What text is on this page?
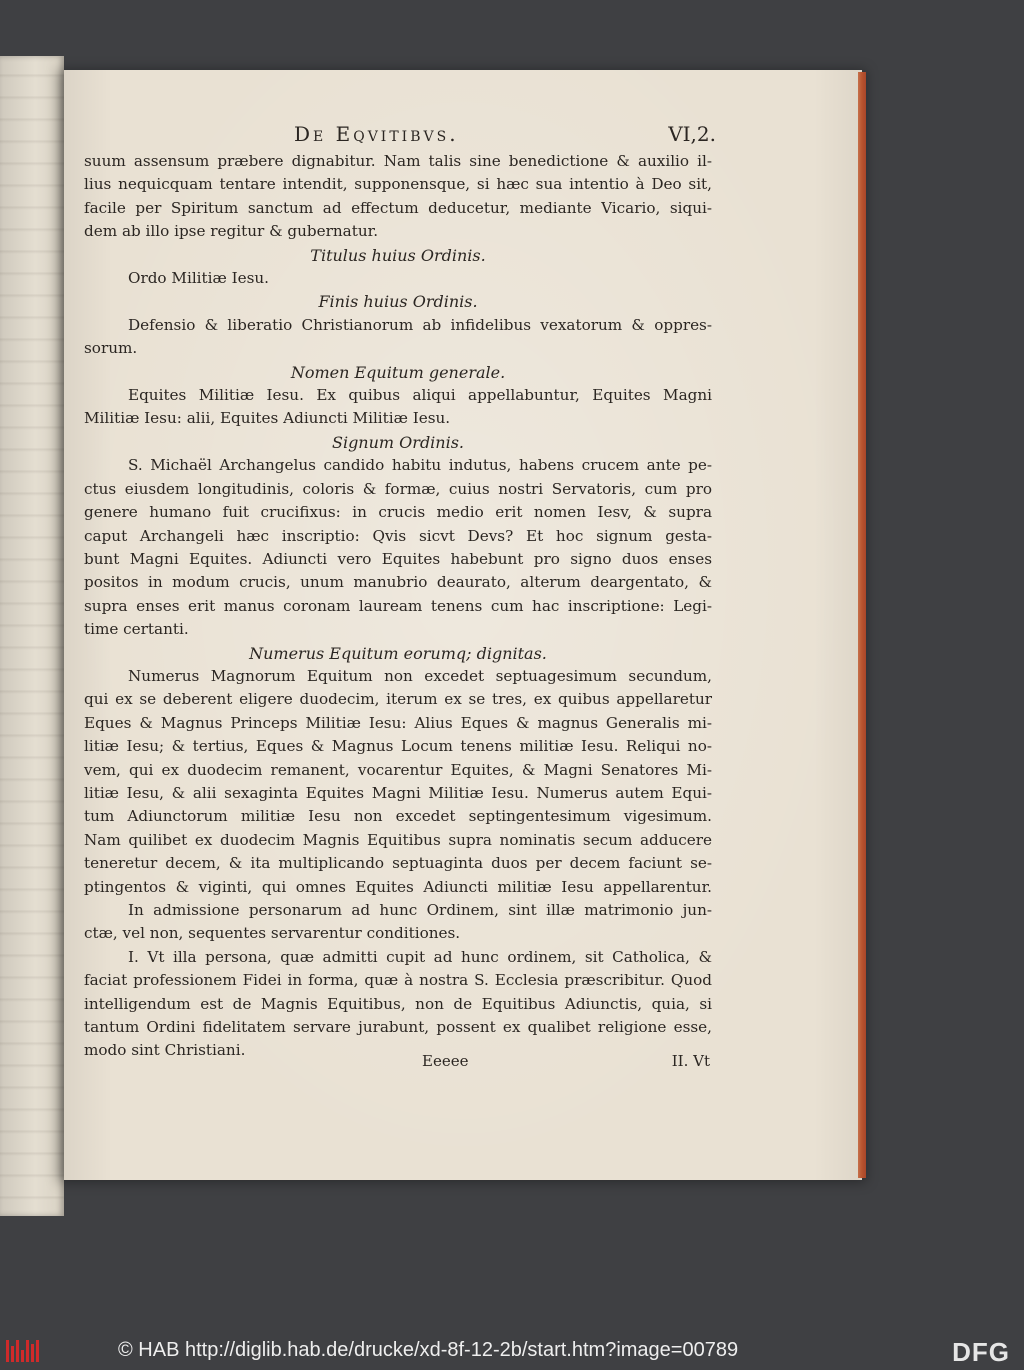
De Eqvitibvs.	VI,2.
suum assensum præbere dignabitur. Nam talis sine benedictione & auxilio il-
lius nequicquam tentare intendit, supponensque, si hæc sua intentio à Deo sit,
facile per Spiritum sanctum ad effectum deducetur, mediante Vicario, siqui-
dem ab illo ipse regitur & gubernatur.
Titulus huius Ordinis.
Ordo Militiæ Iesu.
Finis huius Ordinis.
Defensio & liberatio Christianorum ab infidelibus vexatorum & oppres-
sorum.
Nomen Equitum generale.
Equites Militiæ Iesu. Ex quibus aliqui appellabuntur, Equites Magni
Militiæ Iesu: alii, Equites Adiuncti Militiæ Iesu.
Signum Ordinis.
S. Michaël Archangelus candido habitu indutus, habens crucem ante pe-
ctus eiusdem longitudinis, coloris & formæ, cuius nostri Servatoris, cum pro
genere humano fuit crucifixus: in crucis medio erit nomen Iesv, & supra
caput Archangeli hæc inscriptio: Qvis sicvt Devs? Et hoc signum gesta-
bunt Magni Equites. Adiuncti vero Equites habebunt pro signo duos enses
positos in modum crucis, unum manubrio deaurato, alterum deargentato, &
supra enses erit manus coronam lauream tenens cum hac inscriptione: Legi-
time certanti.
Numerus Equitum eorumq; dignitas.
Numerus Magnorum Equitum non excedet septuagesimum secundum,
qui ex se deberent eligere duodecim, iterum ex se tres, ex quibus appellaretur
Eques & Magnus Princeps Militiæ Iesu: Alius Eques & magnus Generalis mi-
litiæ Iesu; & tertius, Eques & Magnus Locum tenens militiæ Iesu. Reliqui no-
vem, qui ex duodecim remanent, vocarentur Equites, & Magni Senatores Mi-
litiæ Iesu, & alii sexaginta Equites Magni Militiæ Iesu. Numerus autem Equi-
tum Adiunctorum militiæ Iesu non excedet septingentesimum vigesimum.
Nam quilibet ex duodecim Magnis Equitibus supra nominatis secum adducere
teneretur decem, & ita multiplicando septuaginta duos per decem faciunt se-
ptingentos & viginti, qui omnes Equites Adiuncti militiæ Iesu appellarentur.
In admissione personarum ad hunc Ordinem, sint illæ matrimonio jun-
ctæ, vel non, sequentes servarentur conditiones.
I. Vt illa persona, quæ admitti cupit ad hunc ordinem, sit Catholica, &
faciat professionem Fidei in forma, quæ à nostra S. Ecclesia præscribitur. Quod
intelligendum est de Magnis Equitibus, non de Equitibus Adiunctis, quia, si
tantum Ordini fidelitatem servare jurabunt, possent ex qualibet religione esse,
modo sint Christiani.
Eeeee	II. Vt
© HAB http://diglib.hab.de/drucke/xd-8f-12-2b/start.htm?image=00789	DFG
